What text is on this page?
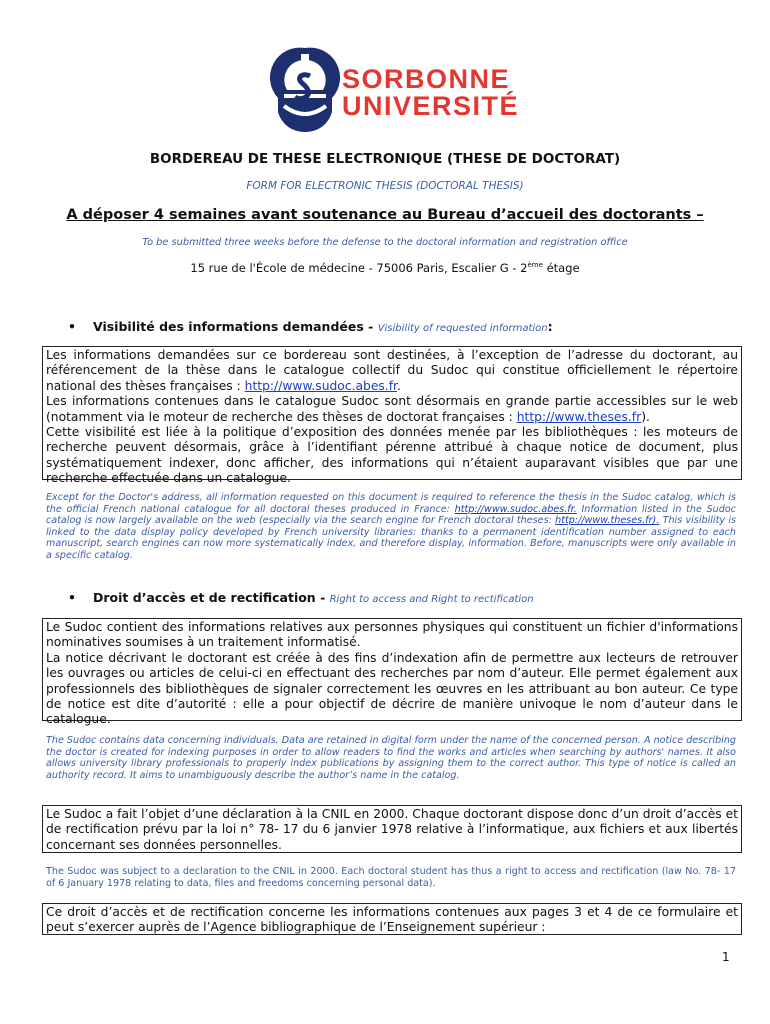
SORBONNE
UNIVERSITÉ
BORDEREAU DE THESE ELECTRONIQUE (THESE DE DOCTORAT)
FORM FOR ELECTRONIC THESIS (DOCTORAL THESIS)
A déposer 4 semaines avant soutenance au Bureau d’accueil des doctorants –
To be submitted three weeks before the defense to the doctoral information and registration office
15 rue de l'École de médecine - 75006 Paris, Escalier G - 2ème étage
• Visibilité des informations demandées - Visibility of requested information:
Les informations demandées sur ce bordereau sont destinées, à l’exception de l’adresse du doctorant, au référencement de la thèse dans le catalogue collectif du Sudoc qui constitue officiellement le répertoire national des thèses françaises : http://www.sudoc.abes.fr.
Les informations contenues dans le catalogue Sudoc sont désormais en grande partie accessibles sur le web (notamment via le moteur de recherche des thèses de doctorat françaises : http://www.theses.fr).
Cette visibilité est liée à la politique d’exposition des données menée par les bibliothèques : les moteurs de recherche peuvent désormais, grâce à l’identifiant pérenne attribué à chaque notice de document, plus systématiquement indexer, donc afficher, des informations qui n’étaient auparavant visibles que par une recherche effectuée dans un catalogue.
Except for the Doctor's address, all information requested on this document is required to reference the thesis in the Sudoc catalog, which is the official French national catalogue for all doctoral theses produced in France: http://www.sudoc.abes.fr. Information listed in the Sudoc catalog is now largely available on the web (especially via the search engine for French doctoral theses: http://www.theses.fr). This visibility is linked to the data display policy developed by French university libraries: thanks to a permanent identification number assigned to each manuscript, search engines can now more systematically index, and therefore display, information. Before, manuscripts were only available in a specific catalog.
• Droit d’accès et de rectification - Right to access and Right to rectification
Le Sudoc contient des informations relatives aux personnes physiques qui constituent un fichier d'informations nominatives soumises à un traitement informatisé.
La notice décrivant le doctorant est créée à des fins d’indexation afin de permettre aux lecteurs de retrouver les ouvrages ou articles de celui-ci en effectuant des recherches par nom d’auteur. Elle permet également aux professionnels des bibliothèques de signaler correctement les œuvres en les attribuant au bon auteur. Ce type de notice est dite d’autorité : elle a pour objectif de décrire de manière univoque le nom d’auteur dans le catalogue.
The Sudoc contains data concerning individuals. Data are retained in digital form under the name of the concerned person. A notice describing the doctor is created for indexing purposes in order to allow readers to find the works and articles when searching by authors' names. It also allows university library professionals to properly index publications by assigning them to the correct author. This type of notice is called an authority record. It aims to unambiguously describe the author’s name in the catalog.
Le Sudoc a fait l’objet d’une déclaration à la CNIL en 2000. Chaque doctorant dispose donc d’un droit d’accès et de rectification prévu par la loi n° 78- 17 du 6 janvier 1978 relative à l’informatique, aux fichiers et aux libertés concernant ses données personnelles.
The Sudoc was subject to a declaration to the CNIL in 2000. Each doctoral student has thus a right to access and rectification (law No. 78- 17 of 6 January 1978 relating to data, files and freedoms concerning personal data).
Ce droit d’accès et de rectification concerne les informations contenues aux pages 3 et 4 de ce formulaire et peut s’exercer auprès de l’Agence bibliographique de l’Enseignement supérieur :
1
